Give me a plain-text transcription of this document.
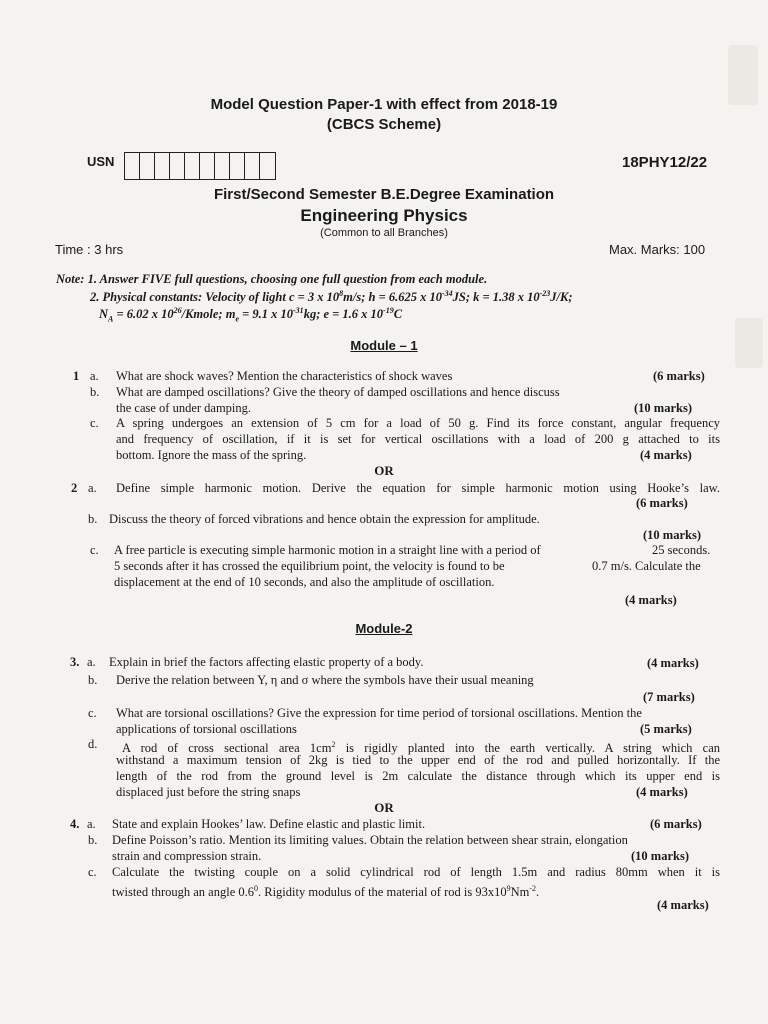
Model Question Paper-1 with effect from 2018-19
(CBCS Scheme)
USN	18PHY12/22
First/Second Semester B.E.Degree Examination
Engineering Physics
(Common to all Branches)
Time : 3 hrs	Max. Marks: 100
Note: 1. Answer FIVE full questions, choosing one full question from each module.
2. Physical constants: Velocity of light c = 3 x $10^8m/s$; h = 6.625 x $10^{-34}JS$; k = 1.38 x $10^{-23}J/K$;
$N_A = 6.02$ x $10^{26}$/Kmole; $m_e = 9.1$ x $10^{-31}kg$; e = 1.6 x $10^{-19}C$
Module – 1
1 a. What are shock waves? Mention the characteristics of shock waves	(6 marks)
b. What are damped oscillations? Give the theory of damped oscillations and hence discuss
the case of under damping.	(10 marks)
c. A spring undergoes an extension of 5 cm for a load of 50 g. Find its force constant, angular frequency
and frequency of oscillation, if it is set for vertical oscillations with a load of 200 g attached to its
bottom. Ignore the mass of the spring.	(4 marks)
OR
2 a. Define simple harmonic motion. Derive the equation for simple harmonic motion using Hooke’s law.
(6 marks)
b. Discuss the theory of forced vibrations and hence obtain the expression for amplitude.
(10 marks)
c. A free particle is executing simple harmonic motion in a straight line with a period of	25 seconds.
5 seconds after it has crossed the equilibrium point, the velocity is found to be	0.7 m/s. Calculate the
displacement at the end of 10 seconds, and also the amplitude of oscillation.
(4 marks)
Module-2
3. a. Explain in brief the factors affecting elastic property of a body.	(4 marks)
b. Derive the relation between Y, η and σ where the symbols have their usual meaning
(7 marks)
c. What are torsional oscillations? Give the expression for time period of torsional oscillations. Mention the
applications of torsional oscillations	(5 marks)
d. A rod of cross sectional area $1cm^2$ is rigidly planted into the earth vertically. A string which can
withstand a maximum tension of 2kg is tied to the upper end of the rod and pulled horizontally. If the
length of the rod from the ground level is 2m calculate the distance through which its upper end is
displaced just before the string snaps	(4 marks)
OR
4. a. State and explain Hookes’ law. Define elastic and plastic limit.	(6 marks)
b. Define Poisson’s ratio. Mention its limiting values. Obtain the relation between shear strain, elongation
strain and compression strain.	(10 marks)
c. Calculate the twisting couple on a solid cylindrical rod of length 1.5m and radius 80mm when it is
twisted through an angle $0.6^0$. Rigidity modulus of the material of rod is $93x10^9Nm^{-2}$.
(4 marks)
